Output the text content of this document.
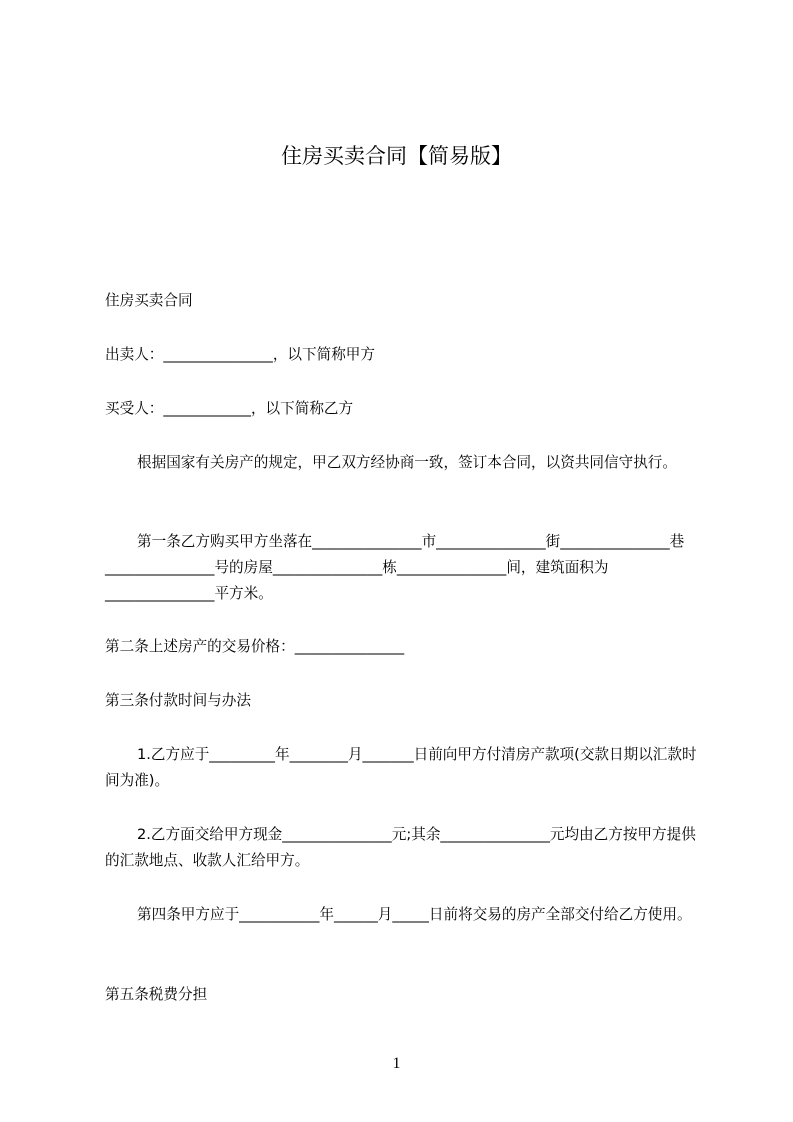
住房买卖合同【简易版】
住房买卖合同
出卖人：_______________，以下简称甲方
买受人：____________，以下简称乙方
根据国家有关房产的规定，甲乙双方经协商一致，签订本合同，以资共同信守执行。
第一条乙方购买甲方坐落在_______________市_______________街_______________巷_______________号的房屋_______________栋_______________间，建筑面积为_______________平方米。
第二条上述房产的交易价格：_______________
第三条付款时间与办法
1.乙方应于_________年________月_______日前向甲方付清房产款项(交款日期以汇款时间为准)。
2.乙方面交给甲方现金_______________元;其余_______________元均由乙方按甲方提供的汇款地点、收款人汇给甲方。
第四条甲方应于___________年______月_____日前将交易的房产全部交付给乙方使用。
第五条税费分担
1
